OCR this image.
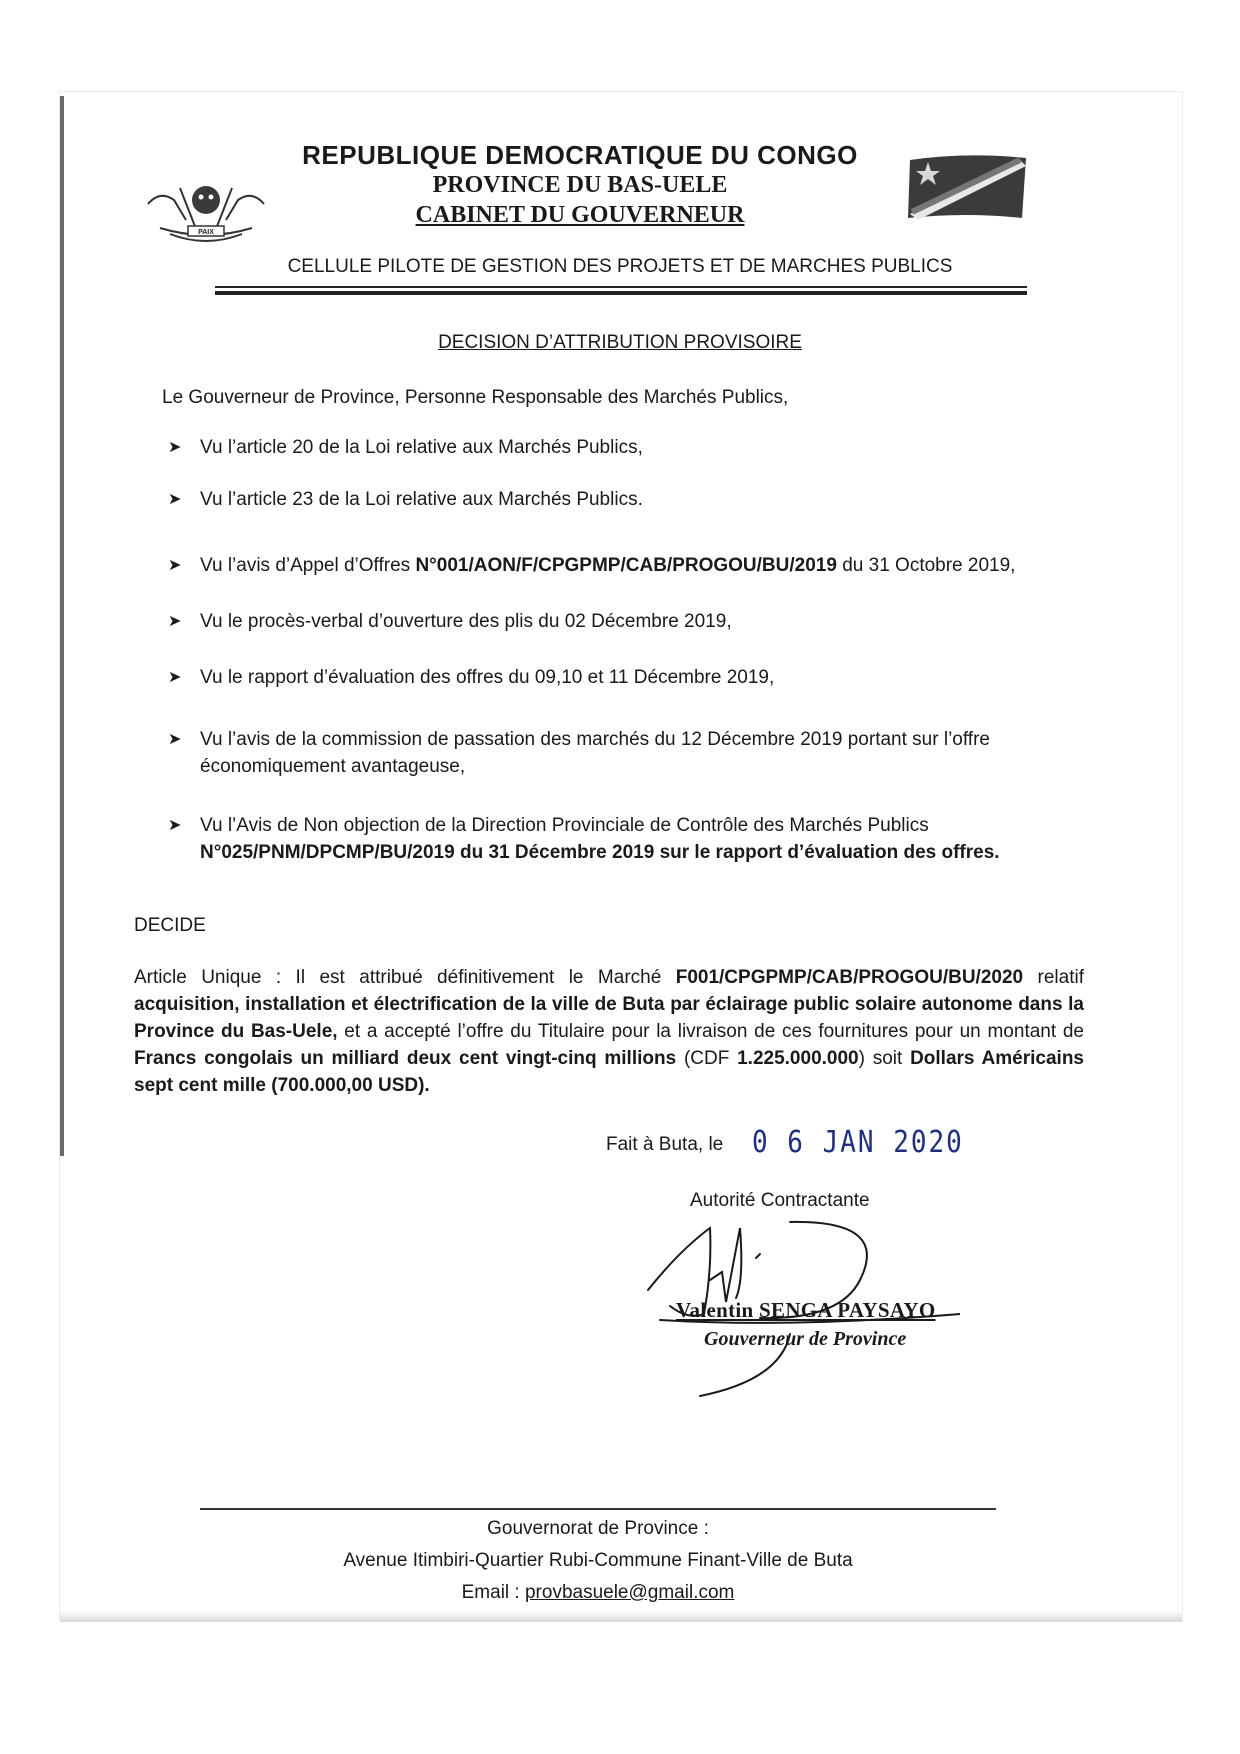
PAIX
REPUBLIQUE DEMOCRATIQUE DU CONGO
PROVINCE DU BAS-UELE
CABINET DU GOUVERNEUR
CELLULE PILOTE DE GESTION DES PROJETS ET DE MARCHES PUBLICS
DECISION D’ATTRIBUTION PROVISOIRE
Le Gouverneur de Province, Personne Responsable des Marchés Publics,
➤ Vu l’article 20 de la Loi relative aux Marchés Publics,
➤ Vu l’article 23 de la Loi relative aux Marchés Publics.
➤ Vu l’avis d’Appel d’Offres N°001/AON/F/CPGPMP/CAB/PROGOU/BU/2019 du 31 Octobre 2019,
➤ Vu le procès-verbal d’ouverture des plis du 02 Décembre 2019,
➤ Vu le rapport d’évaluation des offres du 09,10 et 11 Décembre 2019,
➤ Vu l’avis de la commission de passation des marchés du 12 Décembre 2019 portant sur l’offre
économiquement avantageuse,
➤ Vu l’Avis de Non objection de la Direction Provinciale de Contrôle des Marchés Publics
N°025/PNM/DPCMP/BU/2019 du 31 Décembre 2019 sur le rapport d’évaluation des offres.
DECIDE
Article Unique : Il est attribué définitivement le Marché F001/CPGPMP/CAB/PROGOU/BU/2020 relatif acquisition, installation et électrification de la ville de Buta par éclairage public solaire autonome dans la Province du Bas-Uele, et a accepté l’offre du Titulaire pour la livraison de ces fournitures pour un montant de Francs congolais un milliard deux cent vingt-cinq millions (CDF 1.225.000.000) soit Dollars Américains sept cent mille (700.000,00 USD).
Fait à Buta, le 0 6 JAN 2020
Autorité Contractante
Valentin SENGA PAYSAYO
Gouverneur de Province
Gouvernorat de Province :
Avenue Itimbiri-Quartier Rubi-Commune Finant-Ville de Buta
Email : provbasuele@gmail.com
